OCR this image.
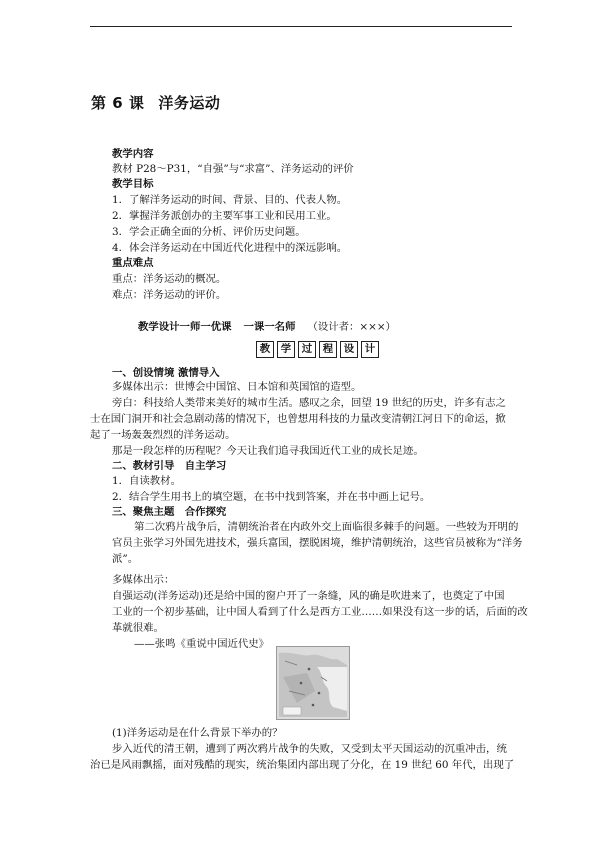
第 6 课 洋务运动
教学内容
教材 P28～P31，“自强”与“求富”、洋务运动的评价
教学目标
1．了解洋务运动的时间、背景、目的、代表人物。
2．掌握洋务派创办的主要军事工业和民用工业。
3．学会正确全面的分析、评价历史问题。
4．体会洋务运动在中国近代化进程中的深远影响。
重点难点
重点：洋务运动的概况。
难点：洋务运动的评价。
教学设计一师一优课 一课一名师 （设计者：×××）
教	学	过	程	设	计
一、创设情境 激情导入
多媒体出示：世博会中国馆、日本馆和英国馆的造型。
旁白：科技给人类带来美好的城市生活。感叹之余，回望 19 世纪的历史，许多有志之
士在国门洞开和社会急剧动荡的情况下，也曾想用科技的力量改变清朝江河日下的命运，掀
起了一场轰轰烈烈的洋务运动。
那是一段怎样的历程呢？今天让我们追寻我国近代工业的成长足迹。
二、教材引导　自主学习
1．自读教材。
2．结合学生用书上的填空题，在书中找到答案，并在书中画上记号。
三、聚焦主题　合作探究
第二次鸦片战争后，清朝统治者在内政外交上面临很多棘手的问题。一些较为开明的
官员主张学习外国先进技术，强兵富国，摆脱困境，维护清朝统治，这些官员被称为“洋务
派”。
多媒体出示：
自强运动(洋务运动)还是给中国的窗户开了一条缝，风的确是吹进来了，也奠定了中国
工业的一个初步基础，让中国人看到了什么是西方工业……如果没有这一步的话，后面的改
革就很难。
——张鸣《重说中国近代史》
(1)洋务运动是在什么背景下举办的？
步入近代的清王朝，遭到了两次鸦片战争的失败，又受到太平天国运动的沉重冲击，统
治已是风雨飘摇，面对残酷的现实，统治集团内部出现了分化，在 19 世纪 60 年代，出现了
